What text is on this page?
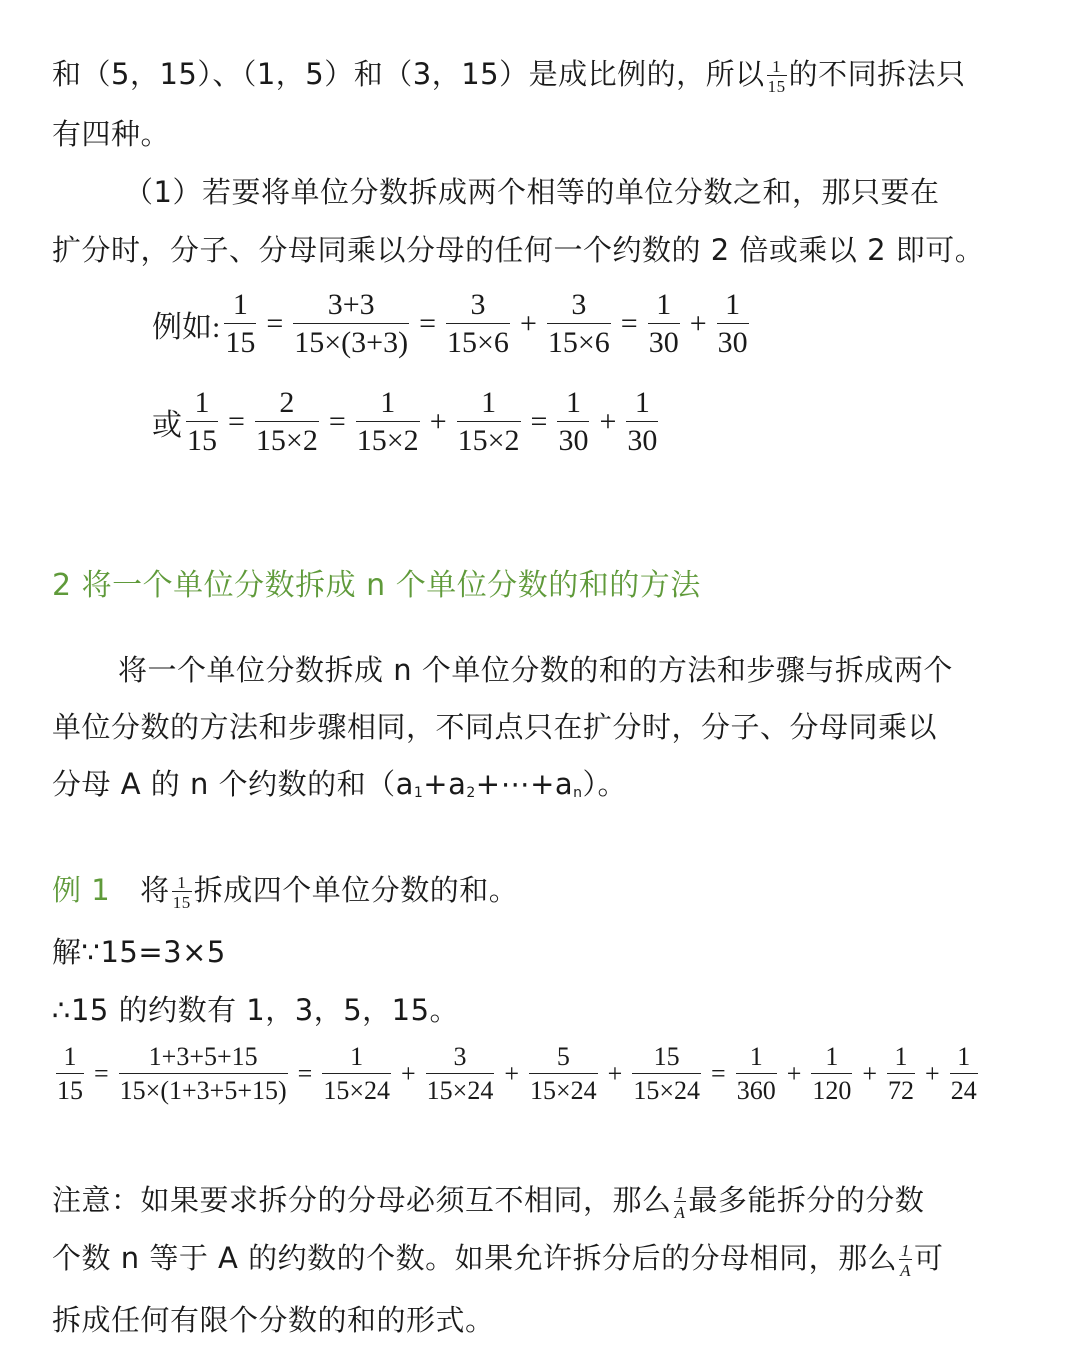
和（5，15）、（1，5）和（3，15）是成比例的，所以 $\frac{1}{15}$ 的不同拆法只
有四种。
（1）若要将单位分数拆成两个相等的单位分数之和，那只要在
扩分时，分子、分母同乘以分母的任何一个约数的 2 倍或乘以 2 即可。
例如: $\frac{1}{15} = \frac{3+3}{15\times(3+3)} = \frac{3}{15\times 6} + \frac{3}{15\times 6} = \frac{1}{30} + \frac{1}{30}$
或 $\frac{1}{15} = \frac{2}{15\times 2} = \frac{1}{15\times 2} + \frac{1}{15\times 2} = \frac{1}{30} + \frac{1}{30}$
2 将一个单位分数拆成 n 个单位分数的和的方法
将一个单位分数拆成 n 个单位分数的和的方法和步骤与拆成两个
单位分数的方法和步骤相同，不同点只在扩分时，分子、分母同乘以
分母 A 的 n 个约数的和$(a_1+a_2+\cdots+a_n)$。
例 1 将 $\frac{1}{15}$ 拆成四个单位分数的和。
解∵15=3×5
∴15 的约数有 1，3，5，15。
$\frac{1}{15} = \frac{1+3+5+15}{15\times(1+3+5+15)} = \frac{1}{15\times 24} + \frac{3}{15\times 24} + \frac{5}{15\times 24} + \frac{15}{15\times 24} = \frac{1}{360} + \frac{1}{120} + \frac{1}{72} + \frac{1}{24}$
注意：如果要求拆分的分母必须互不相同，那么 $\frac{1}{A}$ 最多能拆分的分数
个数 n 等于 A 的约数的个数。如果允许拆分后的分母相同，那么 $\frac{1}{A}$ 可
拆成任何有限个分数的和的形式。
